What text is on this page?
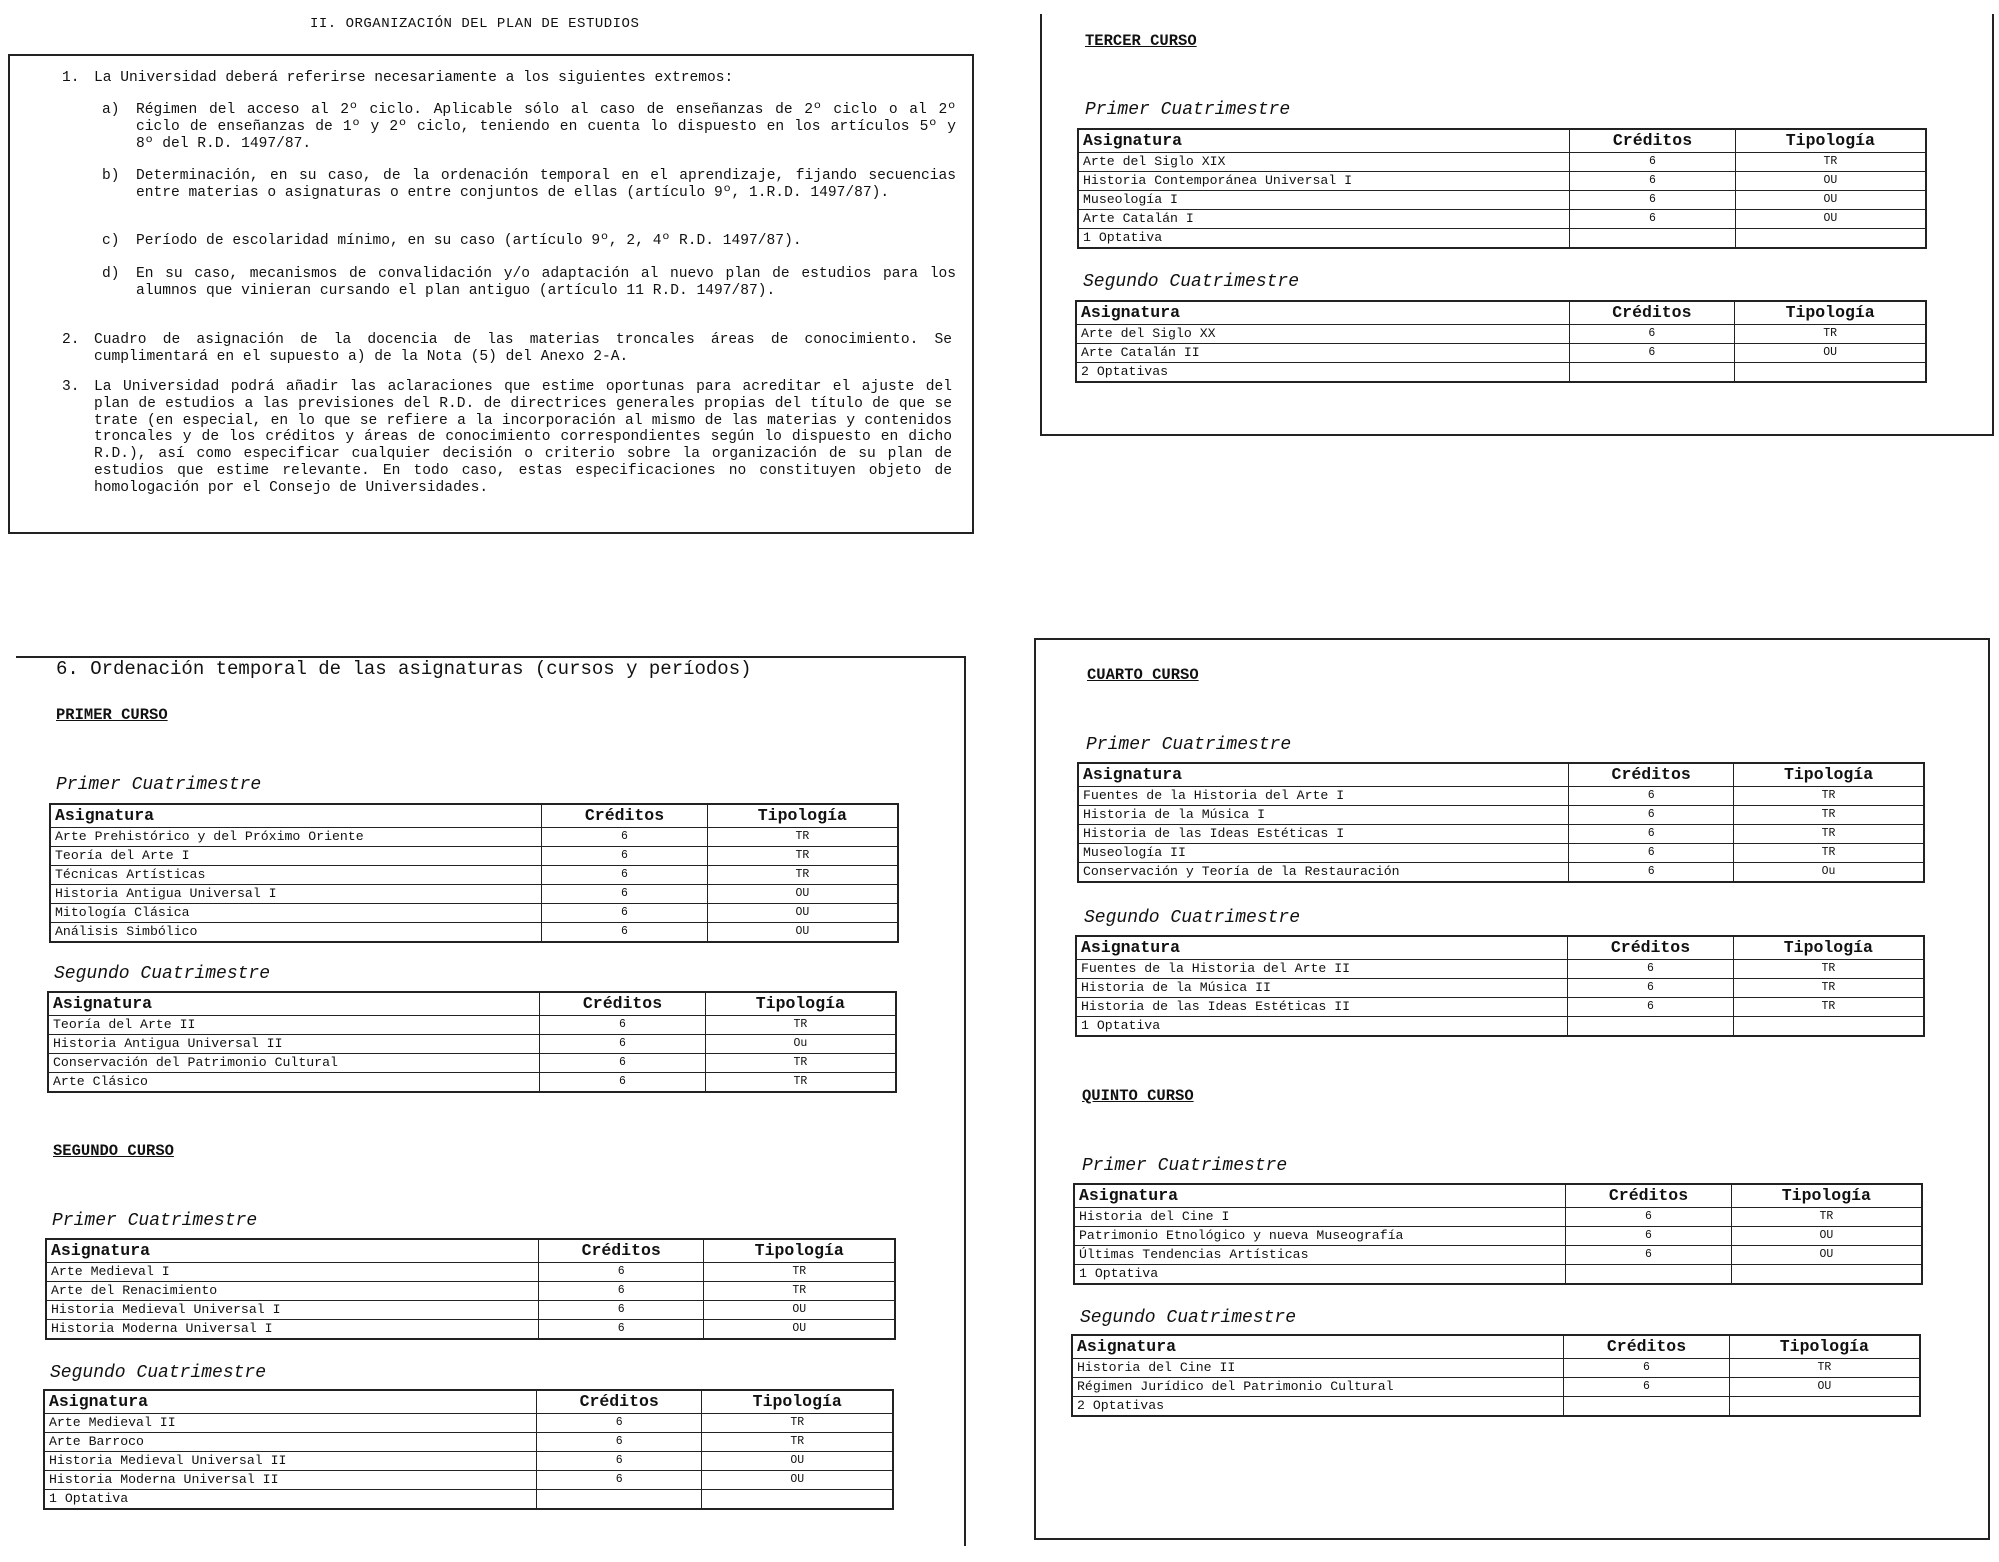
II. ORGANIZACIÓN DEL PLAN DE ESTUDIOS
1. La Universidad deberá referirse necesariamente a los siguientes extremos:
a)	Régimen del acceso al 2º ciclo. Aplicable sólo al caso de enseñanzas de 2º ciclo o al 2º ciclo de enseñanzas de 1º y 2º ciclo, teniendo en cuenta lo dispuesto en los artículos 5º y 8º del R.D. 1497/87.
b)	Determinación, en su caso, de la ordenación temporal en el aprendizaje, fijando secuencias entre materias o asignaturas o entre conjuntos de ellas (artículo 9º, 1.R.D. 1497/87).
c)	Período de escolaridad mínimo, en su caso (artículo 9º, 2, 4º R.D. 1497/87).
d)	En su caso, mecanismos de convalidación y/o adaptación al nuevo plan de estudios para los alumnos que vinieran cursando el plan antiguo (artículo 11 R.D. 1497/87).
2. Cuadro de asignación de la docencia de las materias troncales áreas de conocimiento. Se cumplimentará en el supuesto a) de la Nota (5) del Anexo 2-A.
3. La Universidad podrá añadir las aclaraciones que estime oportunas para acreditar el ajuste del plan de estudios a las previsiones del R.D. de directrices generales propias del título de que se trate (en especial, en lo que se refiere a la incorporación al mismo de las materias y contenidos troncales y de los créditos y áreas de conocimiento correspondientes según lo dispuesto en dicho R.D.), así como especificar cualquier decisión o criterio sobre la organización de su plan de estudios que estime relevante. En todo caso, estas especificaciones no constituyen objeto de homologación por el Consejo de Universidades.
6. Ordenación temporal de las asignaturas (cursos y períodos)
PRIMER CURSO
Primer Cuatrimestre
Asignatura	Créditos	Tipología
Arte Prehistórico y del Próximo Oriente	6	TR
Teoría del Arte I	6	TR
Técnicas Artísticas	6	TR
Historia Antigua Universal I	6	OU
Mitología Clásica	6	OU
Análisis Simbólico	6	OU
Segundo Cuatrimestre
Asignatura	Créditos	Tipología
Teoría del Arte II	6	TR
Historia Antigua Universal II	6	Ou
Conservación del Patrimonio Cultural	6	TR
Arte Clásico	6	TR
SEGUNDO CURSO
Primer Cuatrimestre
Asignatura	Créditos	Tipología
Arte Medieval I	6	TR
Arte del Renacimiento	6	TR
Historia Medieval Universal I	6	OU
Historia Moderna Universal I	6	OU
Segundo Cuatrimestre
Asignatura	Créditos	Tipología
Arte Medieval II	6	TR
Arte Barroco	6	TR
Historia Medieval Universal II	6	OU
Historia Moderna Universal II	6	OU
1 Optativa		
TERCER CURSO
Primer Cuatrimestre
Asignatura	Créditos	Tipología
Arte del Siglo XIX	6	TR
Historia Contemporánea Universal I	6	OU
Museología I	6	OU
Arte Catalán I	6	OU
1 Optativa		
Segundo Cuatrimestre
Asignatura	Créditos	Tipología
Arte del Siglo XX	6	TR
Arte Catalán II	6	OU
2 Optativas		
CUARTO CURSO
Primer Cuatrimestre
Asignatura	Créditos	Tipología
Fuentes de la Historia del Arte I	6	TR
Historia de la Música I	6	TR
Historia de las Ideas Estéticas I	6	TR
Museología II	6	TR
Conservación y Teoría de la Restauración	6	Ou
Segundo Cuatrimestre
Asignatura	Créditos	Tipología
Fuentes de la Historia del Arte II	6	TR
Historia de la Música II	6	TR
Historia de las Ideas Estéticas II	6	TR
1 Optativa		
QUINTO CURSO
Primer Cuatrimestre
Asignatura	Créditos	Tipología
Historia del Cine I	6	TR
Patrimonio Etnológico y nueva Museografía	6	OU
Últimas Tendencias Artísticas	6	OU
1 Optativa		
Segundo Cuatrimestre
Asignatura	Créditos	Tipología
Historia del Cine II	6	TR
Régimen Jurídico del Patrimonio Cultural	6	OU
2 Optativas		
